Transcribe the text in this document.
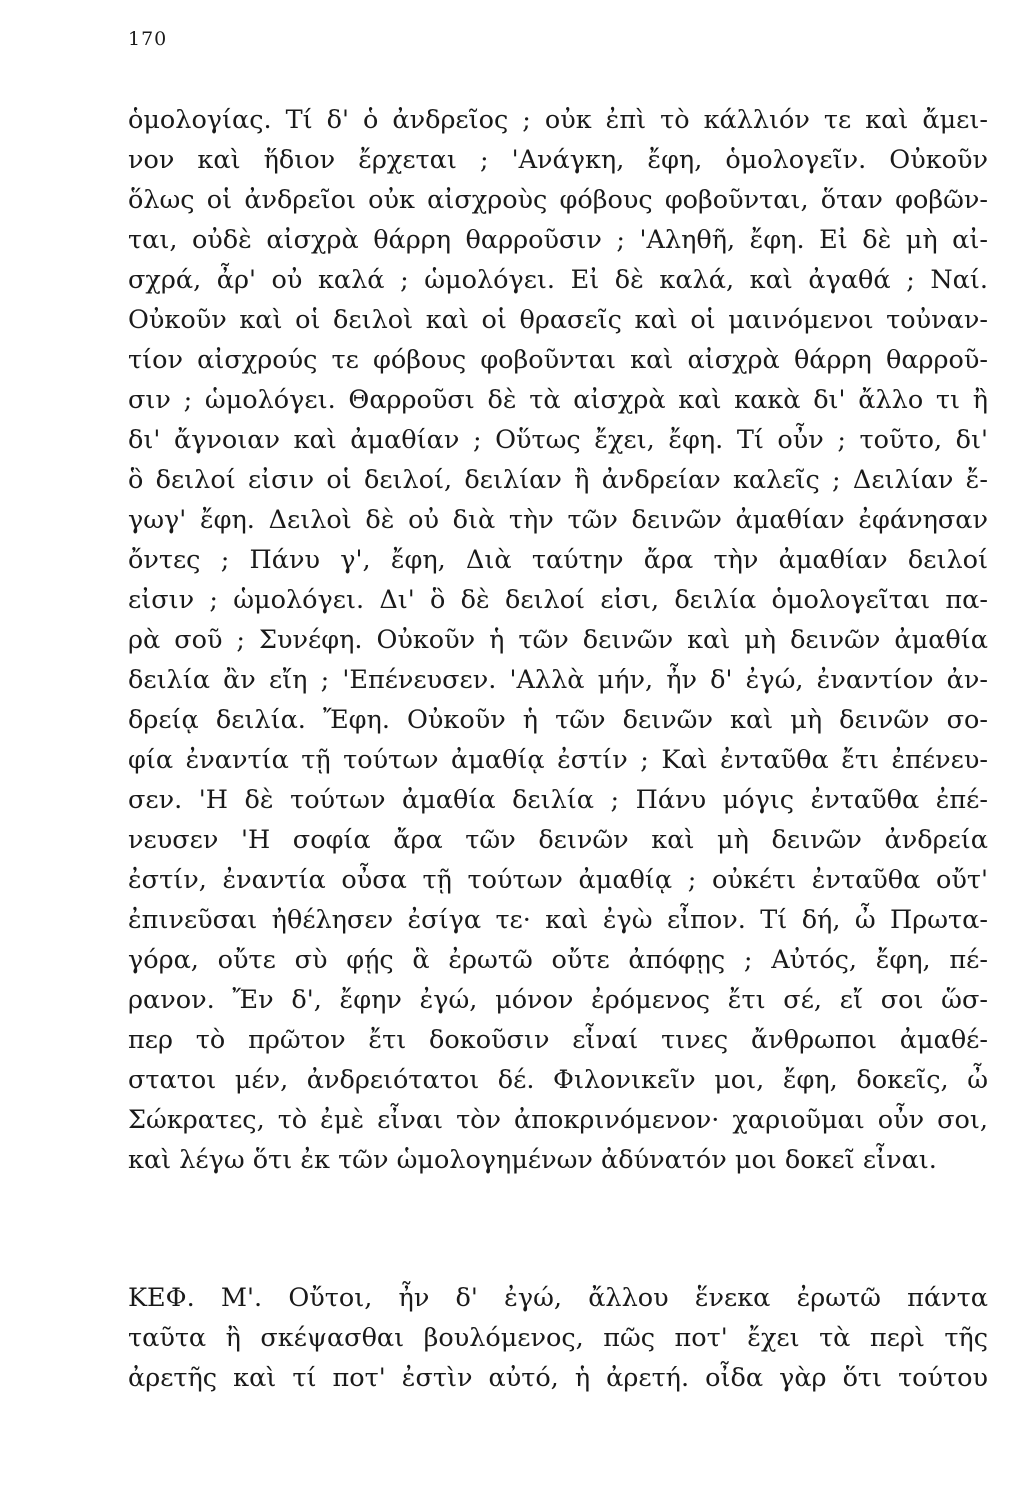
170
ὁμολογίας. Τί δ' ὁ ἀνδρεῖος ; οὐκ ἐπὶ τὸ κάλλιόν τε καὶ ἄμει-
νον καὶ ἥδιον ἔρχεται ; 'Ανάγκη, ἔφη, ὁμολογεῖν. Οὐκοῦν
ὅλως οἱ ἀνδρεῖοι οὐκ αἰσχροὺς φόβους φοβοῦνται, ὅταν φοβῶν-
ται, οὐδὲ αἰσχρὰ θάρρη θαρροῦσιν ; 'Αληθῆ, ἔφη. Εἰ δὲ μὴ αἰ-
σχρά, ἆρ' οὐ καλά ; ὡμολόγει. Εἰ δὲ καλά, καὶ ἀγαθά ; Ναί.
Οὐκοῦν καὶ οἱ δειλοὶ καὶ οἱ θρασεῖς καὶ οἱ μαινόμενοι τοὐναν-
τίον αἰσχρούς τε φόβους φοβοῦνται καὶ αἰσχρὰ θάρρη θαρροῦ-
σιν ; ὡμολόγει. Θαρροῦσι δὲ τὰ αἰσχρὰ καὶ κακὰ δι' ἄλλο τι ἢ
δι' ἄγνοιαν καὶ ἀμαθίαν ; Οὕτως ἔχει, ἔφη. Τί οὖν ; τοῦτο, δι'
ὃ δειλοί εἰσιν οἱ δειλοί, δειλίαν ἢ ἀνδρείαν καλεῖς ; Δειλίαν ἔ-
γωγ' ἔφη. Δειλοὶ δὲ οὐ διὰ τὴν τῶν δεινῶν ἀμαθίαν ἐφάνησαν
ὄντες ; Πάνυ γ', ἔφη, Διὰ ταύτην ἄρα τὴν ἀμαθίαν δειλοί
εἰσιν ; ὡμολόγει. Δι' ὃ δὲ δειλοί εἰσι, δειλία ὁμολογεῖται πα-
ρὰ σοῦ ; Συνέφη. Οὐκοῦν ἡ τῶν δεινῶν καὶ μὴ δεινῶν ἀμαθία
δειλία ἂν εἴη ; 'Επένευσεν. 'Αλλὰ μήν, ἦν δ' ἐγώ, ἐναντίον ἀν-
δρείᾳ δειλία. Ἔφη. Οὐκοῦν ἡ τῶν δεινῶν καὶ μὴ δεινῶν σο-
φία ἐναντία τῇ τούτων ἀμαθίᾳ ἐστίν ; Καὶ ἐνταῦθα ἔτι ἐπένευ-
σεν. 'Η δὲ τούτων ἀμαθία δειλία ; Πάνυ μόγις ἐνταῦθα ἐπέ-
νευσεν 'Η σοφία ἄρα τῶν δεινῶν καὶ μὴ δεινῶν ἀνδρεία
ἐστίν, ἐναντία οὖσα τῇ τούτων ἀμαθίᾳ ; οὐκέτι ἐνταῦθα οὔτ'
ἐπινεῦσαι ἠθέλησεν ἐσίγα τε· καὶ ἐγὼ εἶπον. Τί δή, ὦ Πρωτα-
γόρα, οὔτε σὺ φῄς ἃ ἐρωτῶ οὔτε ἀπόφῃς ; Αὐτός, ἔφη, πέ-
ρανον. Ἔν δ', ἔφην ἐγώ, μόνον ἐρόμενος ἔτι σέ, εἴ σοι ὥσ-
περ τὸ πρῶτον ἔτι δοκοῦσιν εἶναί τινες ἄνθρωποι ἀμαθέ-
στατοι μέν, ἀνδρειότατοι δέ. Φιλονικεῖν μοι, ἔφη, δοκεῖς, ὦ
Σώκρατες, τὸ ἐμὲ εἶναι τὸν ἀποκρινόμενον· χαριοῦμαι οὖν σοι,
καὶ λέγω ὅτι ἐκ τῶν ὡμολογημένων ἀδύνατόν μοι δοκεῖ εἶναι.
ΚΕΦ. Μ'. Οὔτοι, ἦν δ' ἐγώ, ἄλλου ἕνεκα ἐρωτῶ πάντα
ταῦτα ἢ σκέψασθαι βουλόμενος, πῶς ποτ' ἔχει τὰ περὶ τῆς
ἀρετῆς καὶ τί ποτ' ἐστὶν αὐτό, ἡ ἀρετή. οἶδα γὰρ ὅτι τούτου
